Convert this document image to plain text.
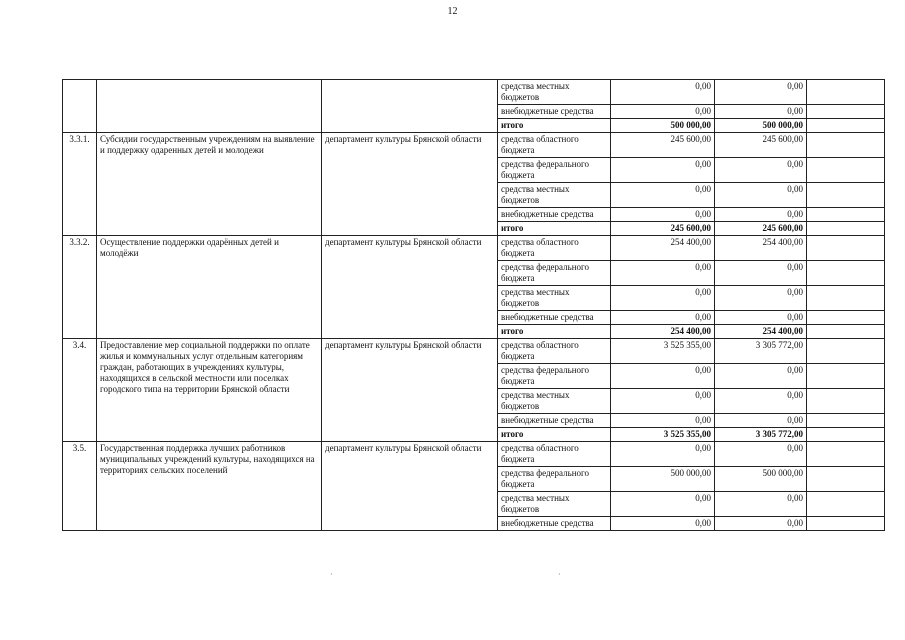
12
			средства местных бюджетов	0,00	0,00	
			внебюджетные средства	0,00	0,00	
			итого	500 000,00	500 000,00	
3.3.1.	Субсидии государственным учреждениям на выявление и поддержку одаренных детей и молодежи	департамент культуры Брянской области	средства областного бюджета	245 600,00	245 600,00	
			средства федерального бюджета	0,00	0,00	
			средства местных бюджетов	0,00	0,00	
			внебюджетные средства	0,00	0,00	
			итого	245 600,00	245 600,00	
3.3.2.	Осуществление поддержки одарённых детей и молодёжи	департамент культуры Брянской области	средства областного бюджета	254 400,00	254 400,00	
			средства федерального бюджета	0,00	0,00	
			средства местных бюджетов	0,00	0,00	
			внебюджетные средства	0,00	0,00	
			итого	254 400,00	254 400,00	
3.4.	Предоставление мер социальной поддержки по оплате жилья и коммунальных услуг отдельным категориям граждан, работающих в учреждениях культуры, находящихся в сельской местности или поселках городского типа на территории Брянской области	департамент культуры Брянской области	средства областного бюджета	3 525 355,00	3 305 772,00	
			средства федерального бюджета	0,00	0,00	
			средства местных бюджетов	0,00	0,00	
			внебюджетные средства	0,00	0,00	
			итого	3 525 355,00	3 305 772,00	
3.5.	Государственная поддержка лучших работников муниципальных учреждений культуры, находящихся на территориях сельских поселений	департамент культуры Брянской области	средства областного бюджета	0,00	0,00	
			средства федерального бюджета	500 000,00	500 000,00	
			средства местных бюджетов	0,00	0,00	
			внебюджетные средства	0,00	0,00	
·	·
